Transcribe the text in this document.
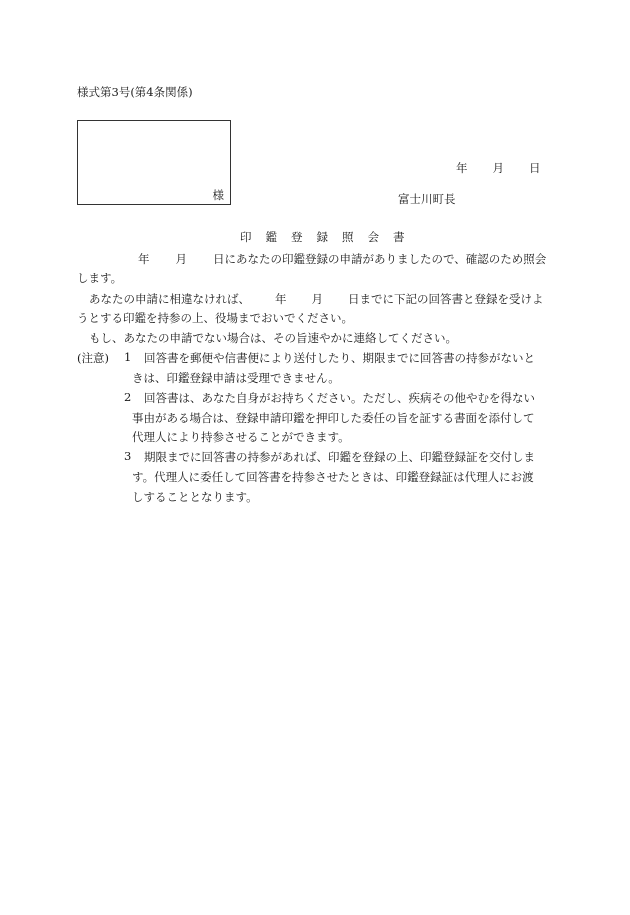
様式第3号(第4条関係)
様
年 月 日
富士川町長
印鑑登録照会書
年 月 日にあなたの印鑑登録の申請がありましたので、確認のため照会
します。
あなたの申請に相違なければ、 年 月 日までに下記の回答書と登録を受けよ
うとする印鑑を持参の上、役場までおいでください。
もし、あなたの申請でない場合は、その旨速やかに連絡してください。
(注意) 1 回答書を郵便や信書便により送付したり、期限までに回答書の持参がないと
きは、印鑑登録申請は受理できません。
2 回答書は、あなた自身がお持ちください。ただし、疾病その他やむを得ない
事由がある場合は、登録申請印鑑を押印した委任の旨を証する書面を添付して
代理人により持参させることができます。
3 期限までに回答書の持参があれば、印鑑を登録の上、印鑑登録証を交付しま
す。代理人に委任して回答書を持参させたときは、印鑑登録証は代理人にお渡
しすることとなります。
